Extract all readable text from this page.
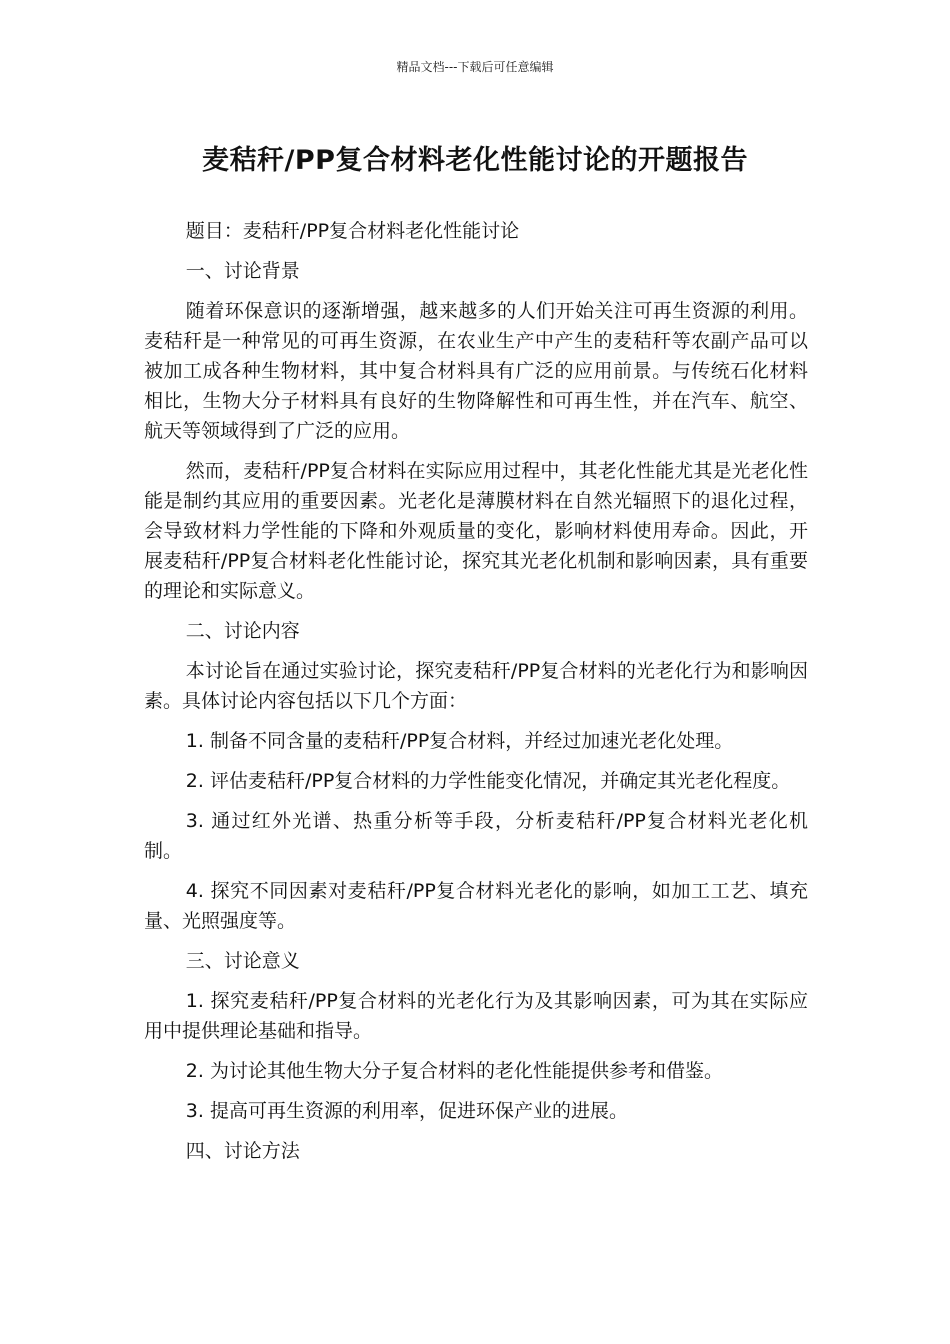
精品文档---下载后可任意编辑
麦秸秆/PP复合材料老化性能讨论的开题报告

题目：麦秸秆/PP复合材料老化性能讨论

一、讨论背景

随着环保意识的逐渐增强，越来越多的人们开始关注可再生资源的利用。麦秸秆是一种常见的可再生资源，在农业生产中产生的麦秸秆等农副产品可以被加工成各种生物材料，其中复合材料具有广泛的应用前景。与传统石化材料相比，生物大分子材料具有良好的生物降解性和可再生性，并在汽车、航空、航天等领域得到了广泛的应用。

然而，麦秸秆/PP复合材料在实际应用过程中，其老化性能尤其是光老化性能是制约其应用的重要因素。光老化是薄膜材料在自然光辐照下的退化过程，会导致材料力学性能的下降和外观质量的变化，影响材料使用寿命。因此，开展麦秸秆/PP复合材料老化性能讨论，探究其光老化机制和影响因素，具有重要的理论和实际意义。

二、讨论内容

本讨论旨在通过实验讨论，探究麦秸秆/PP复合材料的光老化行为和影响因素。具体讨论内容包括以下几个方面：

1. 制备不同含量的麦秸秆/PP复合材料，并经过加速光老化处理。

2. 评估麦秸秆/PP复合材料的力学性能变化情况，并确定其光老化程度。

3. 通过红外光谱、热重分析等手段，分析麦秸秆/PP复合材料光老化机制。

4. 探究不同因素对麦秸秆/PP复合材料光老化的影响，如加工工艺、填充量、光照强度等。

三、讨论意义

1. 探究麦秸秆/PP复合材料的光老化行为及其影响因素，可为其在实际应用中提供理论基础和指导。

2. 为讨论其他生物大分子复合材料的老化性能提供参考和借鉴。

3. 提高可再生资源的利用率，促进环保产业的进展。

四、讨论方法
